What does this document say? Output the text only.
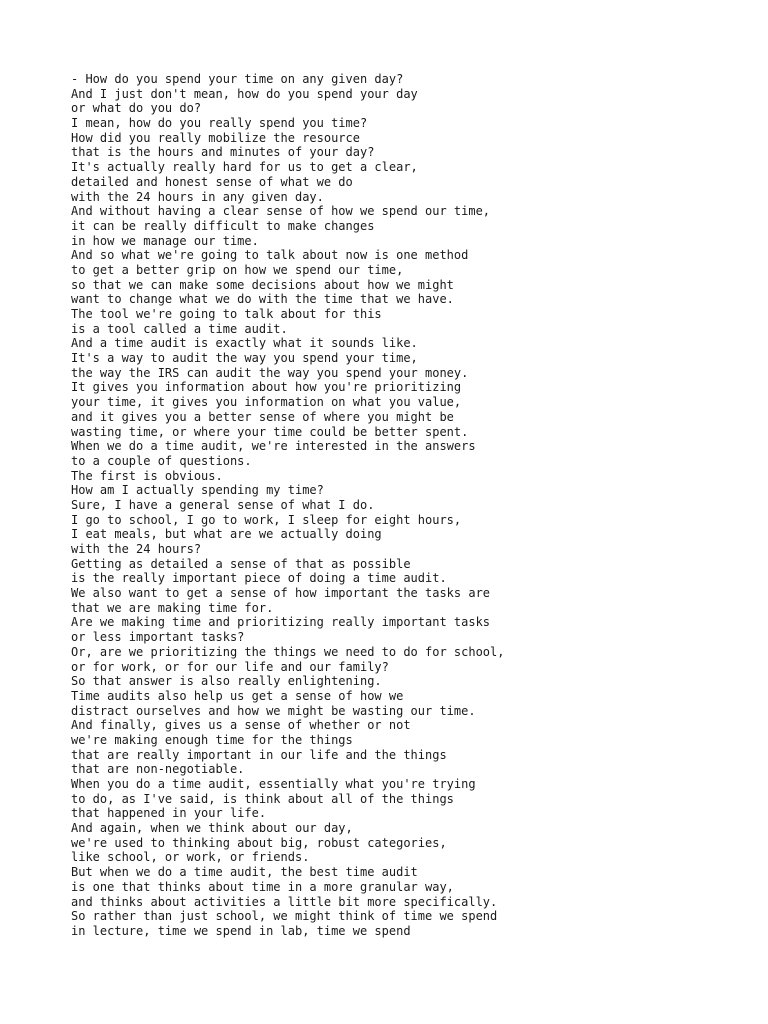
- How do you spend your time on any given day?
And I just don't mean, how do you spend your day
or what do you do?
I mean, how do you really spend you time?
How did you really mobilize the resource
that is the hours and minutes of your day?
It's actually really hard for us to get a clear,
detailed and honest sense of what we do
with the 24 hours in any given day.
And without having a clear sense of how we spend our time,
it can be really difficult to make changes
in how we manage our time.
And so what we're going to talk about now is one method
to get a better grip on how we spend our time,
so that we can make some decisions about how we might
want to change what we do with the time that we have.
The tool we're going to talk about for this
is a tool called a time audit.
And a time audit is exactly what it sounds like.
It's a way to audit the way you spend your time,
the way the IRS can audit the way you spend your money.
It gives you information about how you're prioritizing
your time, it gives you information on what you value,
and it gives you a better sense of where you might be
wasting time, or where your time could be better spent.
When we do a time audit, we're interested in the answers
to a couple of questions.
The first is obvious.
How am I actually spending my time?
Sure, I have a general sense of what I do.
I go to school, I go to work, I sleep for eight hours,
I eat meals, but what are we actually doing
with the 24 hours?
Getting as detailed a sense of that as possible
is the really important piece of doing a time audit.
We also want to get a sense of how important the tasks are
that we are making time for.
Are we making time and prioritizing really important tasks
or less important tasks?
Or, are we prioritizing the things we need to do for school,
or for work, or for our life and our family?
So that answer is also really enlightening.
Time audits also help us get a sense of how we
distract ourselves and how we might be wasting our time.
And finally, gives us a sense of whether or not
we're making enough time for the things
that are really important in our life and the things
that are non-negotiable.
When you do a time audit, essentially what you're trying
to do, as I've said, is think about all of the things
that happened in your life.
And again, when we think about our day,
we're used to thinking about big, robust categories,
like school, or work, or friends.
But when we do a time audit, the best time audit
is one that thinks about time in a more granular way,
and thinks about activities a little bit more specifically.
So rather than just school, we might think of time we spend
in lecture, time we spend in lab, time we spend
